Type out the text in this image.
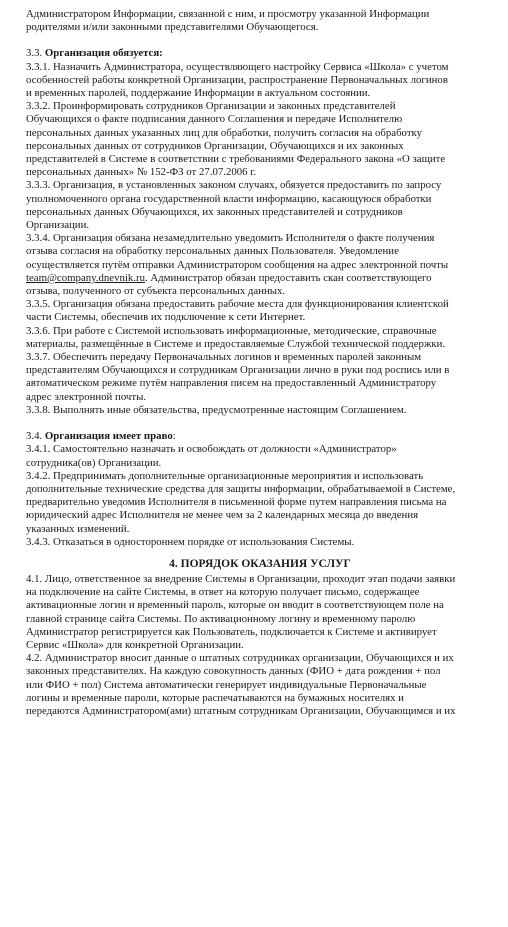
Администратором Информации, связанной с ним, и просмотру указанной Информации

родителями и/или законными представителями Обучающегося.

3.3. Организация обязуется:

3.3.1. Назначить Администратора, осуществляющего настройку Сервиса «Школа» с учетом

особенностей работы конкретной Организации, распространение Первоначальных логинов

и временных паролей, поддержание Информации в актуальном состоянии.

3.3.2. Проинформировать сотрудников Организации и законных представителей

Обучающихся о факте подписания данного Соглашения и передаче Исполнителю

персональных данных указанных лиц для обработки, получить согласия на обработку

персональных данных от сотрудников Организации, Обучающихся и их законных

представителей в Системе в соответствии с требованиями Федерального закона «О защите

персональных данных» № 152-ФЗ от 27.07.2006 г.

3.3.3. Организация, в установленных законом случаях, обязуется предоставить по запросу

уполномоченного органа государственной власти информацию, касающуюся обработки

персональных данных Обучающихся, их законных представителей и сотрудников

Организации.

3.3.4. Организация обязана незамедлительно уведомить Исполнителя о факте получения

отзыва согласия на обработку персональных данных Пользователя. Уведомление

осуществляется путём отправки Администратором сообщения на адрес электронной почты

team@company.dnevnik.ru. Администратор обязан предоставить скан соответствующего

отзыва, полученного от субъекта персональных данных.

3.3.5. Организация обязана предоставить рабочие места для функционирования клиентской

части Системы, обеспечив их подключение к сети Интернет.

3.3.6. При работе с Системой использовать информационные, методические, справочные

материалы, размещённые в Системе и предоставляемые Службой технической поддержки.

3.3.7. Обеспечить передачу Первоначальных логинов и временных паролей законным

представителям Обучающихся и сотрудникам Организации лично в руки под роспись или в

автоматическом режиме путём направления писем на предоставленный Администратору

адрес электронной почты.

3.3.8. Выполнять иные обязательства, предусмотренные настоящим Соглашением.

3.4. Организация имеет право:

3.4.1. Самостоятельно назначать и освобождать от должности «Администратор»

сотрудника(ов) Организации.

3.4.2. Предпринимать дополнительные организационные мероприятия и использовать

дополнительные технические средства для защиты информации, обрабатываемой в Системе,

предварительно уведомив Исполнителя в письменной форме путем направления письма на

юридический адрес Исполнителя не менее чем за 2 календарных месяца до введения

указанных изменений.

3.4.3. Отказаться в одностороннем порядке от использования Системы.

4. ПОРЯДОК ОКАЗАНИЯ УСЛУГ

4.1. Лицо, ответственное за внедрение Системы в Организации, проходит этап подачи заявки

на подключение на сайте Системы, в ответ на которую получает письмо, содержащее

активационные логин и временный пароль, которые он вводит в соответствующем поле на

главной странице сайта Системы. По активационному логину и временному паролю

Администратор регистрируется как Пользователь, подключается к Системе и активирует

Сервис «Школа» для конкретной Организации.

4.2. Администратор вносит данные о штатных сотрудниках организации, Обучающихся и их

законных представителях. На каждую совокупность данных (ФИО + дата рождения + пол

или ФИО + пол) Система автоматически генерирует индивидуальные Первоначальные

логины и временные пароли, которые распечатываются на бумажных носителях и

передаются Администратором(ами) штатным сотрудникам Организации, Обучающимся и их
